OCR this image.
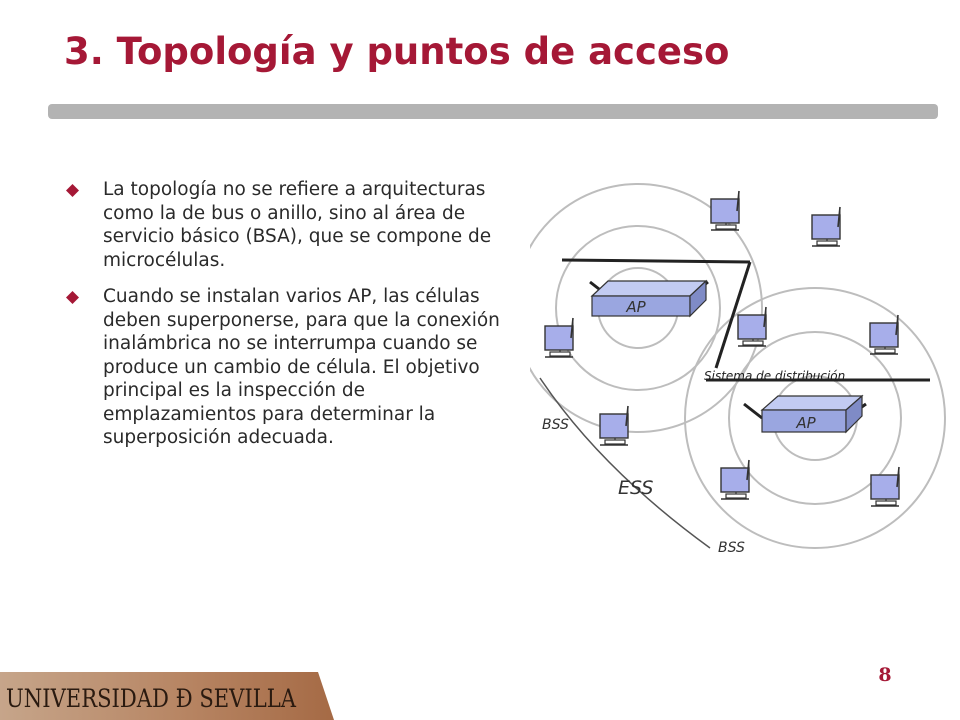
3. Topología y puntos de acceso
La topología no se refiere a arquitecturas como la de bus o anillo, sino al área de servicio básico (BSA), que se compone de microcélulas.
Cuando se instalan varios AP, las células deben superponerse, para que la conexión inalámbrica no se interrumpa cuando se produce un cambio de célula. El objetivo principal es la inspección de emplazamientos para determinar la superposición adecuada.
AP
AP
Sistema de distribución
BSS
ESS
BSS
8
UNIVERSIDAD Ð SEVILLA
